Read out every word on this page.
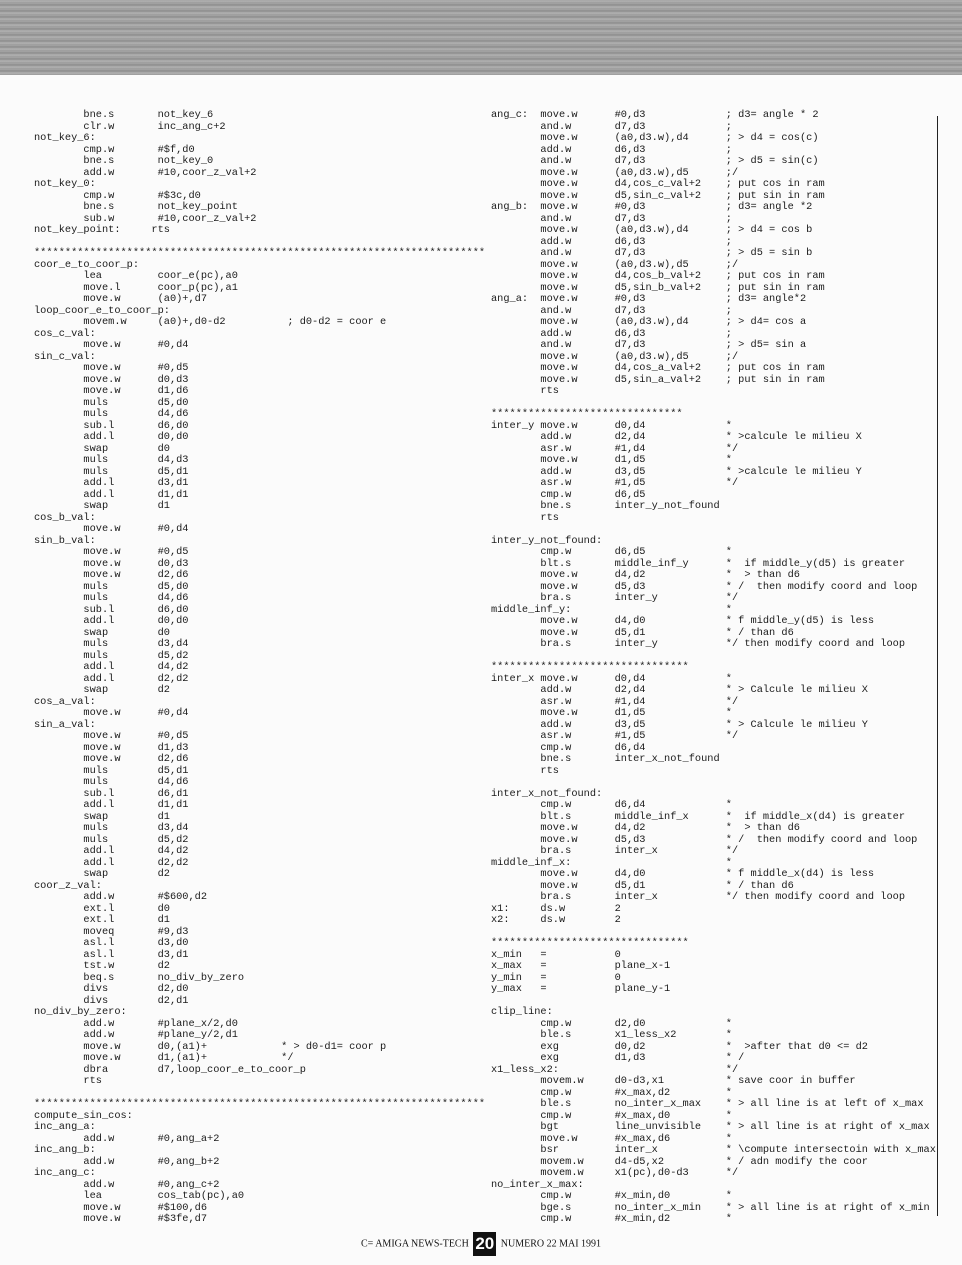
bne.s       not_key_6
clr.w       inc_ang_c+2
not_key_6:
cmp.w       #$f,d0
bne.s       not_key_0
add.w       #10,coor_z_val+2
not_key_0:
cmp.w       #$3c,d0
bne.s       not_key_point
sub.w       #10,coor_z_val+2
not_key_point:     rts

*************************************************************************
coor_e_to_coor_p:
lea         coor_e(pc),a0
move.l      coor_p(pc),a1
move.w      (a0)+,d7
loop_coor_e_to_coor_p:
movem.w     (a0)+,d0-d2          ; d0-d2 = coor e
cos_c_val:
move.w      #0,d4
sin_c_val:
move.w      #0,d5
move.w      d0,d3
move.w      d1,d6
muls        d5,d0
muls        d4,d6
sub.l       d6,d0
add.l       d0,d0
swap        d0
muls        d4,d3
muls        d5,d1
add.l       d3,d1
add.l       d1,d1
swap        d1
cos_b_val:
move.w      #0,d4
sin_b_val:
move.w      #0,d5
move.w      d0,d3
move.w      d2,d6
muls        d5,d0
muls        d4,d6
sub.l       d6,d0
add.l       d0,d0
swap        d0
muls        d3,d4
muls        d5,d2
add.l       d4,d2
add.l       d2,d2
swap        d2
cos_a_val:
move.w      #0,d4
sin_a_val:
move.w      #0,d5
move.w      d1,d3
move.w      d2,d6
muls        d5,d1
muls        d4,d6
sub.l       d6,d1
add.l       d1,d1
swap        d1
muls        d3,d4
muls        d5,d2
add.l       d4,d2
add.l       d2,d2
swap        d2
coor_z_val:
add.w       #$600,d2
ext.l       d0
ext.l       d1
moveq       #9,d3
asl.l       d3,d0
asl.l       d3,d1
tst.w       d2
beq.s       no_div_by_zero
divs        d2,d0
divs        d2,d1
no_div_by_zero:
add.w       #plane_x/2,d0
add.w       #plane_y/2,d1
move.w      d0,(a1)+            * > d0-d1= coor p
move.w      d1,(a1)+            */
dbra        d7,loop_coor_e_to_coor_p
rts

*************************************************************************
compute_sin_cos:
inc_ang_a:
add.w       #0,ang_a+2
inc_ang_b:
add.w       #0,ang_b+2
inc_ang_c:
add.w       #0,ang_c+2
lea         cos_tab(pc),a0
move.w      #$100,d6
move.w      #$3fe,d7
ang_c:  move.w      #0,d3             ; d3= angle * 2
and.w       d7,d3             ;
move.w      (a0,d3.w),d4      ; > d4 = cos(c)
add.w       d6,d3             ;
and.w       d7,d3             ; > d5 = sin(c)
move.w      (a0,d3.w),d5      ;/
move.w      d4,cos_c_val+2    ; put cos in ram
move.w      d5,sin_c_val+2    ; put sin in ram
ang_b:  move.w      #0,d3             ; d3= angle *2
and.w       d7,d3             ;
move.w      (a0,d3.w),d4      ; > d4 = cos b
add.w       d6,d3             ;
and.w       d7,d3             ; > d5 = sin b
move.w      (a0,d3.w),d5      ;/
move.w      d4,cos_b_val+2    ; put cos in ram
move.w      d5,sin_b_val+2    ; put sin in ram
ang_a:  move.w      #0,d3             ; d3= angle*2
and.w       d7,d3             ;
move.w      (a0,d3.w),d4      ; > d4= cos a
add.w       d6,d3             ;
and.w       d7,d3             ; > d5= sin a
move.w      (a0,d3.w),d5      ;/
move.w      d4,cos_a_val+2    ; put cos in ram
move.w      d5,sin_a_val+2    ; put sin in ram
rts

*******************************
inter_y move.w      d0,d4             *
add.w       d2,d4             * >calcule le milieu X
asr.w       #1,d4             */
move.w      d1,d5             *
add.w       d3,d5             * >calcule le milieu Y
asr.w       #1,d5             */
cmp.w       d6,d5
bne.s       inter_y_not_found
rts

inter_y_not_found:
cmp.w       d6,d5             *
blt.s       middle_inf_y      *  if middle_y(d5) is greater
move.w      d4,d2             *  > than d6
move.w      d5,d3             * /  then modify coord and loop
bra.s       inter_y           */
middle_inf_y:                         *
move.w      d4,d0             * f middle_y(d5) is less
move.w      d5,d1             * / than d6
bra.s       inter_y           */ then modify coord and loop

********************************
inter_x move.w      d0,d4             *
add.w       d2,d4             * > Calcule le milieu X
asr.w       #1,d4             */
move.w      d1,d5             *
add.w       d3,d5             * > Calcule le milieu Y
asr.w       #1,d5             */
cmp.w       d6,d4
bne.s       inter_x_not_found
rts

inter_x_not_found:
cmp.w       d6,d4             *
blt.s       middle_inf_x      *  if middle_x(d4) is greater
move.w      d4,d2             *  > than d6
move.w      d5,d3             * /  then modify coord and loop
bra.s       inter_x           */
middle_inf_x:                         *
move.w      d4,d0             * f middle_x(d4) is less
move.w      d5,d1             * / than d6
bra.s       inter_x           */ then modify coord and loop
x1:     ds.w        2
x2:     ds.w        2

********************************
x_min   =           0
x_max   =           plane_x-1
y_min   =           0
y_max   =           plane_y-1

clip_line:
cmp.w       d2,d0             *
ble.s       x1_less_x2        *
exg         d0,d2             *  >after that d0 <= d2
exg         d1,d3             * /
x1_less_x2:                           */
movem.w     d0-d3,x1          * save coor in buffer
cmp.w       #x_max,d2         *
ble.s       no_inter_x_max    * > all line is at left of x_max
cmp.w       #x_max,d0         *
bgt         line_unvisible    * > all line is at right of x_max
move.w      #x_max,d6         *
bsr         inter_x           * \compute intersectoin with x_max
movem.w     d4-d5,x2          * / adn modify the coor
movem.w     x1(pc),d0-d3      */
no_inter_x_max:
cmp.w       #x_min,d0         *
bge.s       no_inter_x_min    * > all line is at right of x_min
cmp.w       #x_min,d2         *
C= AMIGA NEWS-TECH 20 NUMERO 22 MAI 1991
